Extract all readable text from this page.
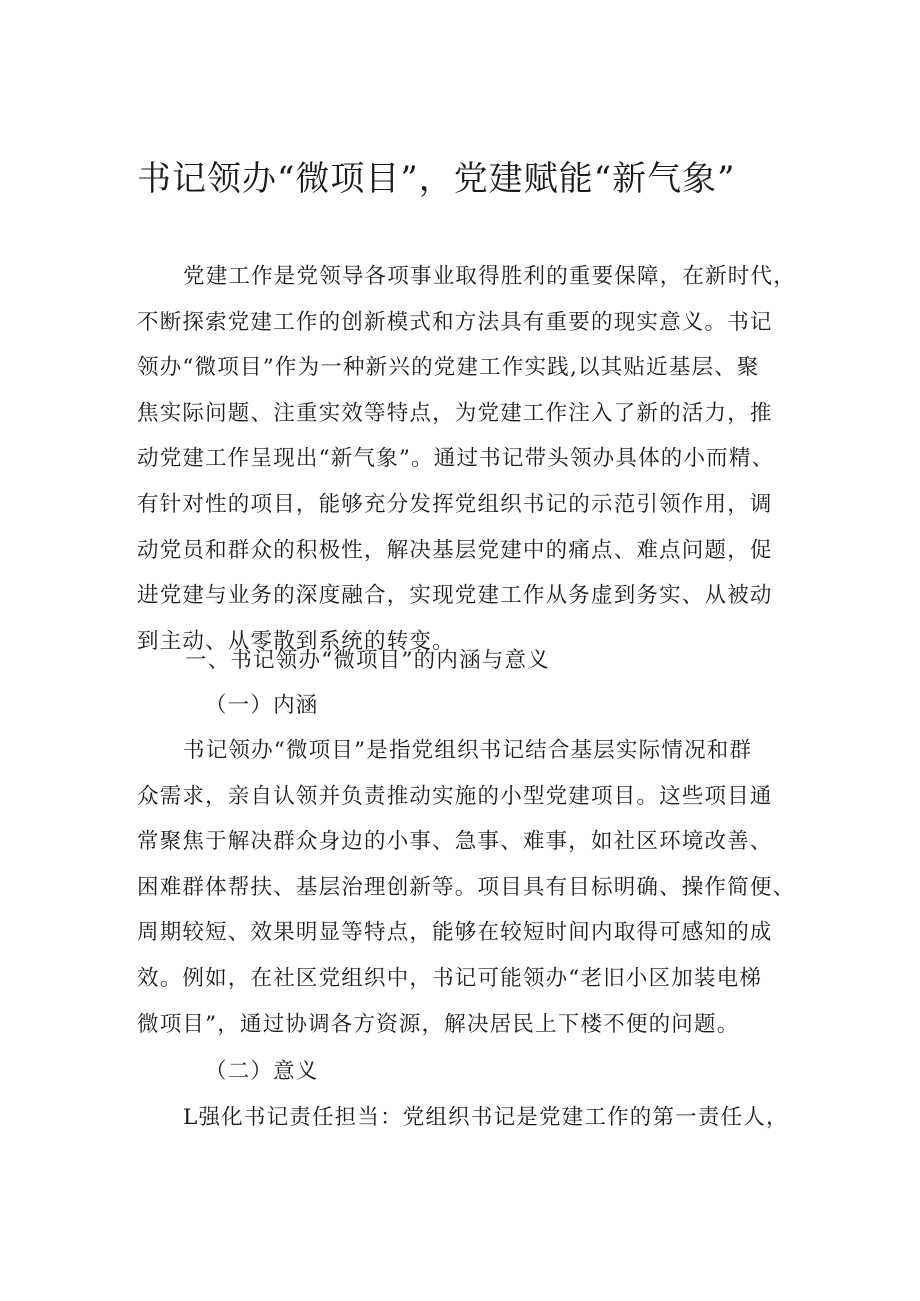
书记领办“微项目”，党建赋能“新气象”
党建工作是党领导各项事业取得胜利的重要保障，在新时代，
不断探索党建工作的创新模式和方法具有重要的现实意义。书记
领办“微项目”作为一种新兴的党建工作实践,以其贴近基层、聚
焦实际问题、注重实效等特点，为党建工作注入了新的活力，推
动党建工作呈现出“新气象”。通过书记带头领办具体的小而精、
有针对性的项目，能够充分发挥党组织书记的示范引领作用，调
动党员和群众的积极性，解决基层党建中的痛点、难点问题，促
进党建与业务的深度融合，实现党建工作从务虚到务实、从被动
到主动、从零散到系统的转变。
一、书记领办“微项目”的内涵与意义
（一）内涵
书记领办“微项目”是指党组织书记结合基层实际情况和群
众需求，亲自认领并负责推动实施的小型党建项目。这些项目通
常聚焦于解决群众身边的小事、急事、难事，如社区环境改善、
困难群体帮扶、基层治理创新等。项目具有目标明确、操作简便、
周期较短、效果明显等特点，能够在较短时间内取得可感知的成
效。例如，在社区党组织中，书记可能领办“老旧小区加装电梯
微项目”，通过协调各方资源，解决居民上下楼不便的问题。
（二）意义
L强化书记责任担当：党组织书记是党建工作的第一责任人，
